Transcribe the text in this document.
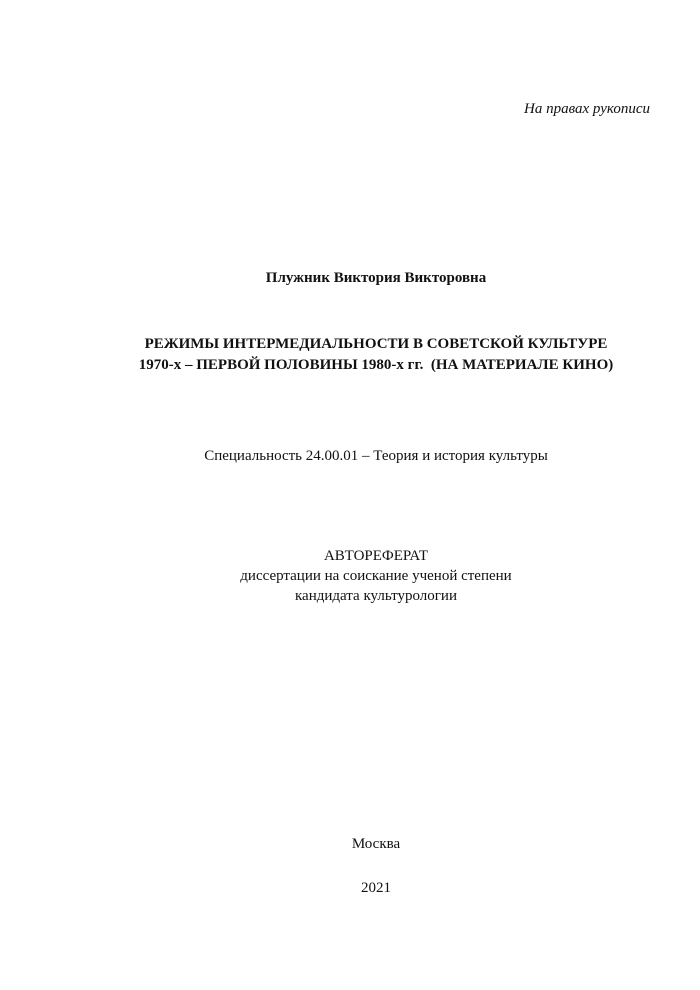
На правах рукописи
Плужник Виктория Викторовна
РЕЖИМЫ ИНТЕРМЕДИАЛЬНОСТИ В СОВЕТСКОЙ КУЛЬТУРЕ
1970-х – ПЕРВОЙ ПОЛОВИНЫ 1980-х гг.  (НА МАТЕРИАЛЕ КИНО)
Специальность 24.00.01 – Теория и история культуры
АВТОРЕФЕРАТ
диссертации на соискание ученой степени
кандидата культурологии
Москва
2021
